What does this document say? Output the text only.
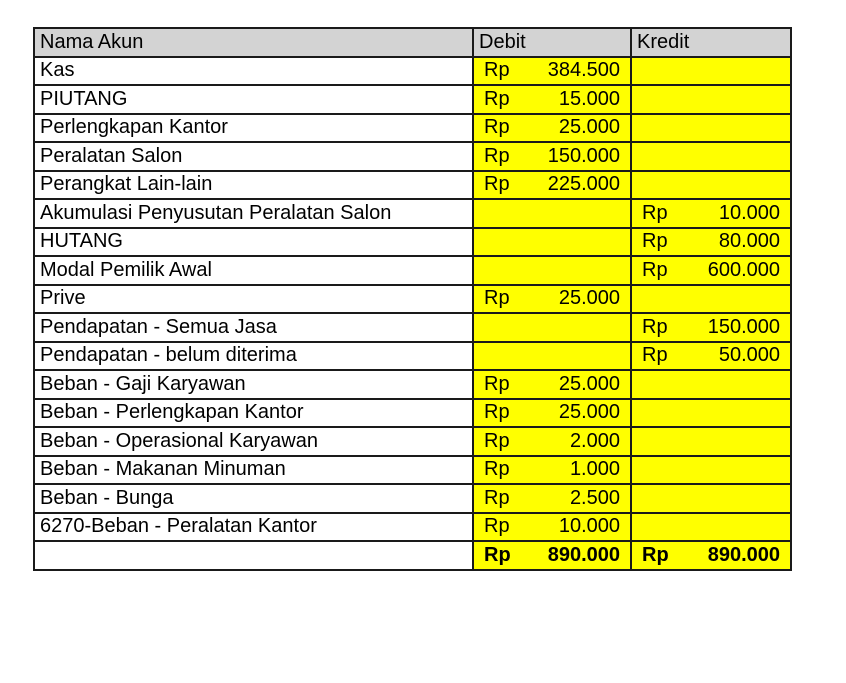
Nama Akun	Debit	Kredit
Kas	Rp 384.500	

PIUTANG	Rp 15.000	

Perlengkapan Kantor	Rp 25.000	

Peralatan Salon	Rp 150.000	

Perangkat Lain-lain	Rp 225.000	

Akumulasi Penyusutan Peralatan Salon		Rp 10.000

HUTANG		Rp 80.000

Modal Pemilik Awal		Rp 600.000

Prive	Rp 25.000	

Pendapatan - Semua Jasa		Rp 150.000

Pendapatan - belum diterima		Rp 50.000

Beban - Gaji Karyawan	Rp 25.000	

Beban - Perlengkapan Kantor	Rp 25.000	

Beban - Operasional Karyawan	Rp 2.000	

Beban - Makanan Minuman	Rp 1.000	

Beban - Bunga	Rp 2.500	

6270-Beban - Peralatan Kantor	Rp 10.000	

	Rp 890.000	Rp 890.000
